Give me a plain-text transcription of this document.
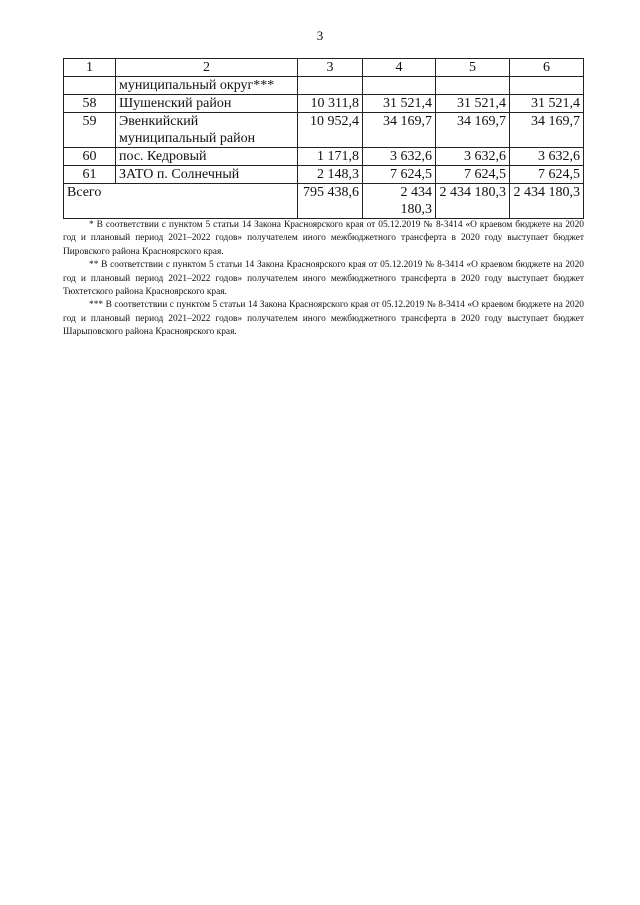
3
1	2	3	4	5	6
	муниципальный округ***				
58	Шушенский район	10 311,8	31 521,4	31 521,4	31 521,4
59	Эвенкийский муниципальный район	10 952,4	34 169,7	34 169,7	34 169,7
60	пос. Кедровый	1 171,8	3 632,6	3 632,6	3 632,6
61	ЗАТО п. Солнечный	2 148,3	7 624,5	7 624,5	7 624,5
Всего		795 438,6	2 434 180,3	2 434 180,3	2 434 180,3

* В соответствии с пунктом 5 статьи 14 Закона Красноярского края от 05.12.2019 № 8-3414 «О краевом бюджете на 2020 год и плановый период 2021–2022 годов» получателем иного межбюджетного трансферта в 2020 году выступает бюджет Пировского района Красноярского края.

** В соответствии с пунктом 5 статьи 14 Закона Красноярского края от 05.12.2019 № 8-3414 «О краевом бюджете на 2020 год и плановый период 2021–2022 годов» получателем иного межбюджетного трансферта в 2020 году выступает бюджет Тюхтетского района Красноярского края.

*** В соответствии с пунктом 5 статьи 14 Закона Красноярского края от 05.12.2019 № 8-3414 «О краевом бюджете на 2020 год и плановый период 2021–2022 годов» получателем иного межбюджетного трансферта в 2020 году выступает бюджет Шарыповского района Красноярского края.
